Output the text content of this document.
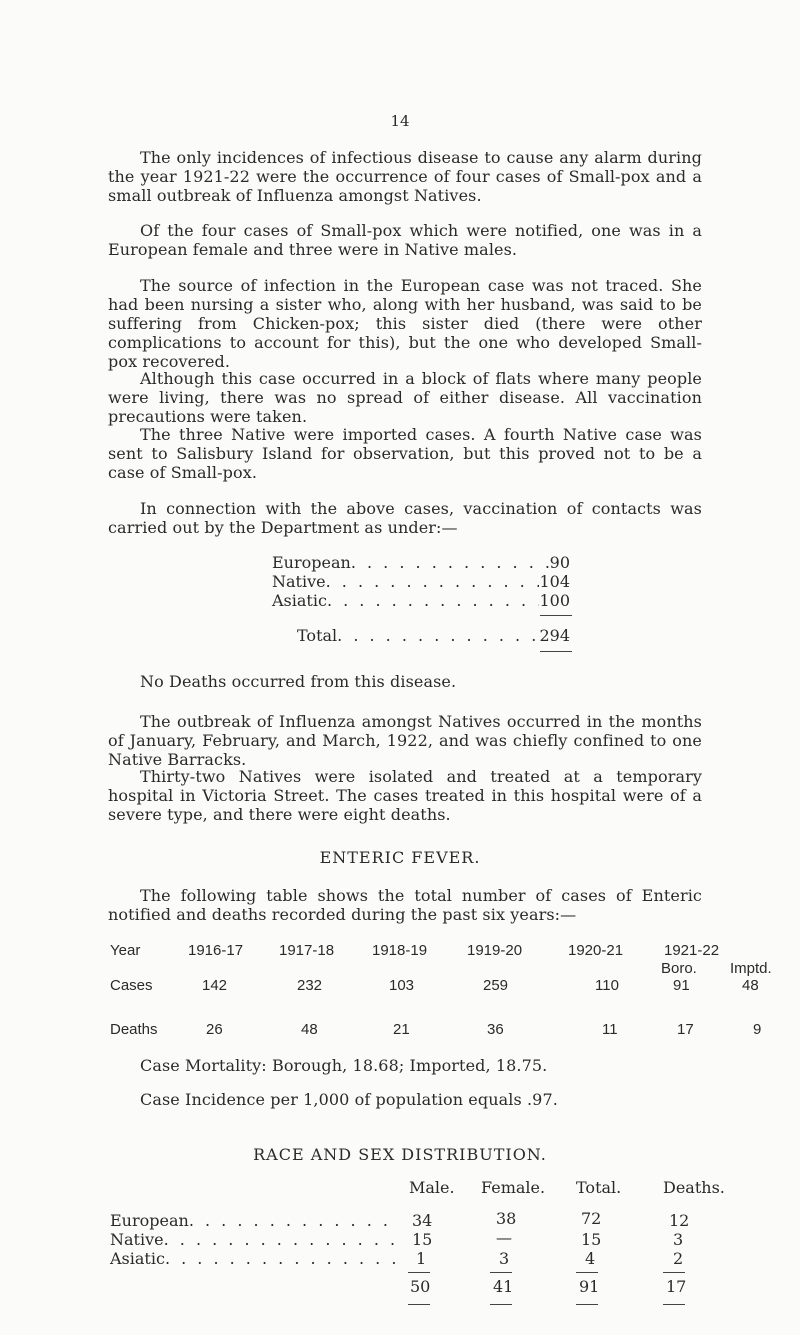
14

The only incidences of infectious disease to cause any alarm during the year 1921-22 were the occurrence of four cases of Small-pox and a small outbreak of Influenza amongst Natives.

Of the four cases of Small-pox which were notified, one was in a European female and three were in Native males.

The source of infection in the European case was not traced. She had been nursing a sister who, along with her husband, was said to be suffering from Chicken-pox; this sister died (there were other complications to account for this), but the one who developed Small-pox recovered.

Although this case occurred in a block of flats where many people were living, there was no spread of either disease. All vaccination precautions were taken.

The three Native were imported cases. A fourth Native case was sent to Salisbury Island for observation, but this proved not to be a case of Small-pox.

In connection with the above cases, vaccination of contacts was carried out by the Department as under:—

European . . .	90
Native . . .	104
Asiatic . . .	100
Total . . .	294

No Deaths occurred from this disease.

The outbreak of Influenza amongst Natives occurred in the months of January, February, and March, 1922, and was chiefly confined to one Native Barracks.

Thirty-two Natives were isolated and treated at a temporary hospital in Victoria Street. The cases treated in this hospital were of a severe type, and there were eight deaths.

ENTERIC FEVER.

The following table shows the total number of cases of Enteric notified and deaths recorded during the past six years:—

Year	1916-17 1917-18	1918-19	1919-20	1920-21	1921-22
Boro. Imptd.
Cases	142	232	103	259	110	91	48
Deaths	26	48	21	36	11	17	9

Case Mortality: Borough, 18.68; Imported, 18.75.

Case Incidence per 1,000 of population equals .97.

RACE AND SEX DISTRIBUTION.
Male. Female. Total.	Deaths.
European . . .	34	38	72	12
Native . . .	15	—	15	3
Asiatic . . .	1	3	4	2
50	41	91	17
